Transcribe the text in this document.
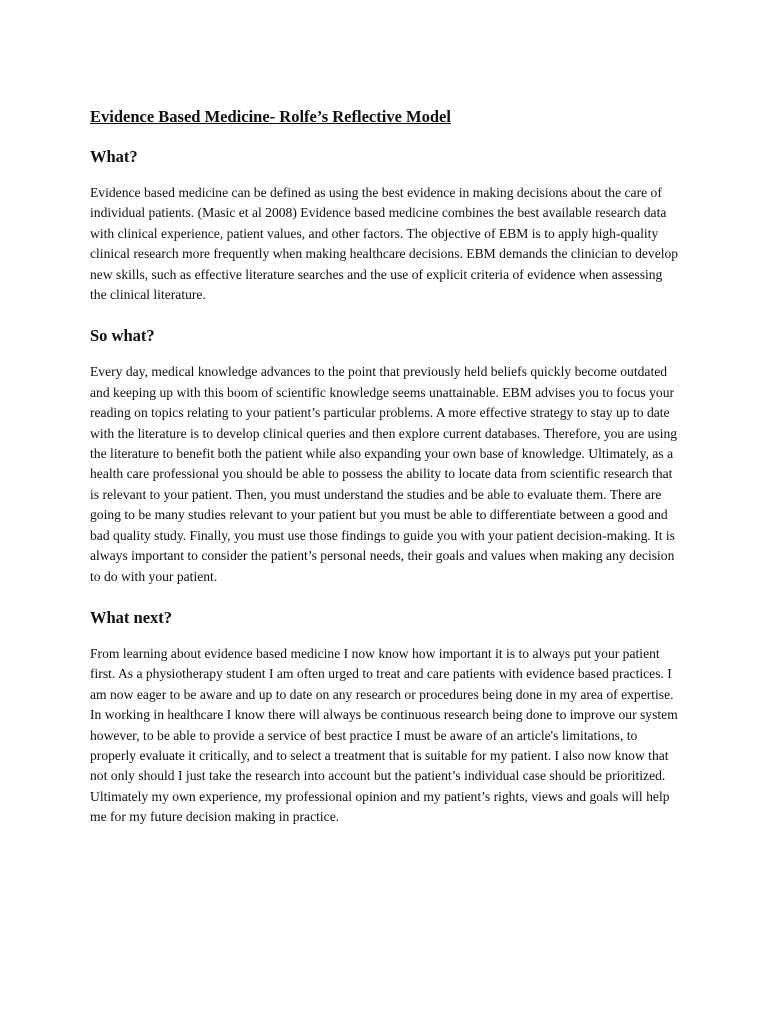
Evidence Based Medicine- Rolfe’s Reflective Model
What?

Evidence based medicine can be defined as using the best evidence in making decisions about the care of individual patients. (Masic et al 2008) Evidence based medicine combines the best available research data with clinical experience, patient values, and other factors. The objective of EBM is to apply high-quality clinical research more frequently when making healthcare decisions. EBM demands the clinician to develop new skills, such as effective literature searches and the use of explicit criteria of evidence when assessing the clinical literature.

So what?

Every day, medical knowledge advances to the point that previously held beliefs quickly become outdated and keeping up with this boom of scientific knowledge seems unattainable. EBM advises you to focus your reading on topics relating to your patient’s particular problems. A more effective strategy to stay up to date with the literature is to develop clinical queries and then explore current databases. Therefore, you are using the literature to benefit both the patient while also expanding your own base of knowledge. Ultimately, as a health care professional you should be able to possess the ability to locate data from scientific research that is relevant to your patient. Then, you must understand the studies and be able to evaluate them. There are going to be many studies relevant to your patient but you must be able to differentiate between a good and bad quality study. Finally, you must use those findings to guide you with your patient decision-making. It is always important to consider the patient’s personal needs, their goals and values when making any decision to do with your patient.

What next?

From learning about evidence based medicine I now know how important it is to always put your patient first. As a physiotherapy student I am often urged to treat and care patients with evidence based practices. I am now eager to be aware and up to date on any research or procedures being done in my area of expertise. In working in healthcare I know there will always be continuous research being done to improve our system however, to be able to provide a service of best practice I must be aware of an article's limitations, to properly evaluate it critically, and to select a treatment that is suitable for my patient. I also now know that not only should I just take the research into account but the patient’s individual case should be prioritized. Ultimately my own experience, my professional opinion and my patient’s rights, views and goals will help me for my future decision making in practice.
